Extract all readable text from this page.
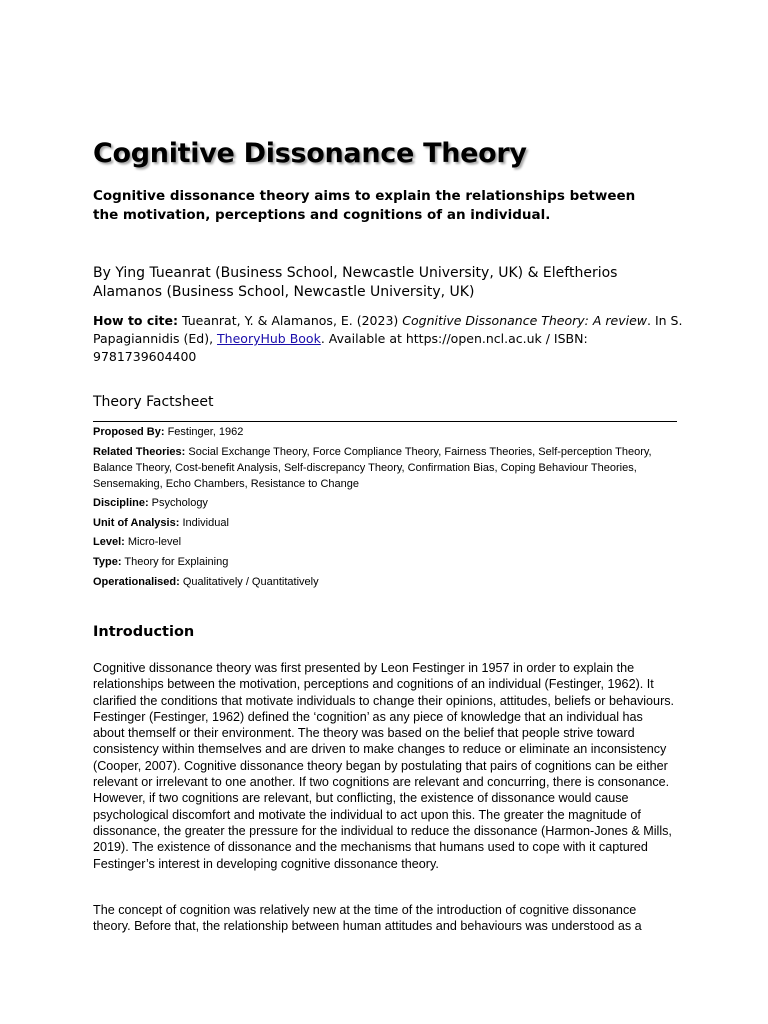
Cognitive Dissonance Theory

Cognitive dissonance theory aims to explain the relationships between the motivation, perceptions and cognitions of an individual.

By Ying Tueanrat (Business School, Newcastle University, UK) & Eleftherios Alamanos (Business School, Newcastle University, UK)

How to cite: Tueanrat, Y. & Alamanos, E. (2023) Cognitive Dissonance Theory: A review. In S. Papagiannidis (Ed), TheoryHub Book. Available at https://open.ncl.ac.uk / ISBN: 9781739604400

Theory Factsheet

Proposed By: Festinger, 1962

Related Theories: Social Exchange Theory, Force Compliance Theory, Fairness Theories, Self-perception Theory, Balance Theory, Cost-benefit Analysis, Self-discrepancy Theory, Confirmation Bias, Coping Behaviour Theories, Sensemaking, Echo Chambers, Resistance to Change

Discipline: Psychology

Unit of Analysis: Individual

Level: Micro-level

Type: Theory for Explaining

Operationalised: Qualitatively / Quantitatively

Introduction

Cognitive dissonance theory was first presented by Leon Festinger in 1957 in order to explain the relationships between the motivation, perceptions and cognitions of an individual (Festinger, 1962). It clarified the conditions that motivate individuals to change their opinions, attitudes, beliefs or behaviours. Festinger (Festinger, 1962) defined the ‘cognition’ as any piece of knowledge that an individual has about themself or their environment. The theory was based on the belief that people strive toward consistency within themselves and are driven to make changes to reduce or eliminate an inconsistency (Cooper, 2007). Cognitive dissonance theory began by postulating that pairs of cognitions can be either relevant or irrelevant to one another. If two cognitions are relevant and concurring, there is consonance. However, if two cognitions are relevant, but conflicting, the existence of dissonance would cause psychological discomfort and motivate the individual to act upon this. The greater the magnitude of dissonance, the greater the pressure for the individual to reduce the dissonance (Harmon-Jones & Mills, 2019). The existence of dissonance and the mechanisms that humans used to cope with it captured Festinger’s interest in developing cognitive dissonance theory.

The concept of cognition was relatively new at the time of the introduction of cognitive dissonance theory. Before that, the relationship between human attitudes and behaviours was understood as a
